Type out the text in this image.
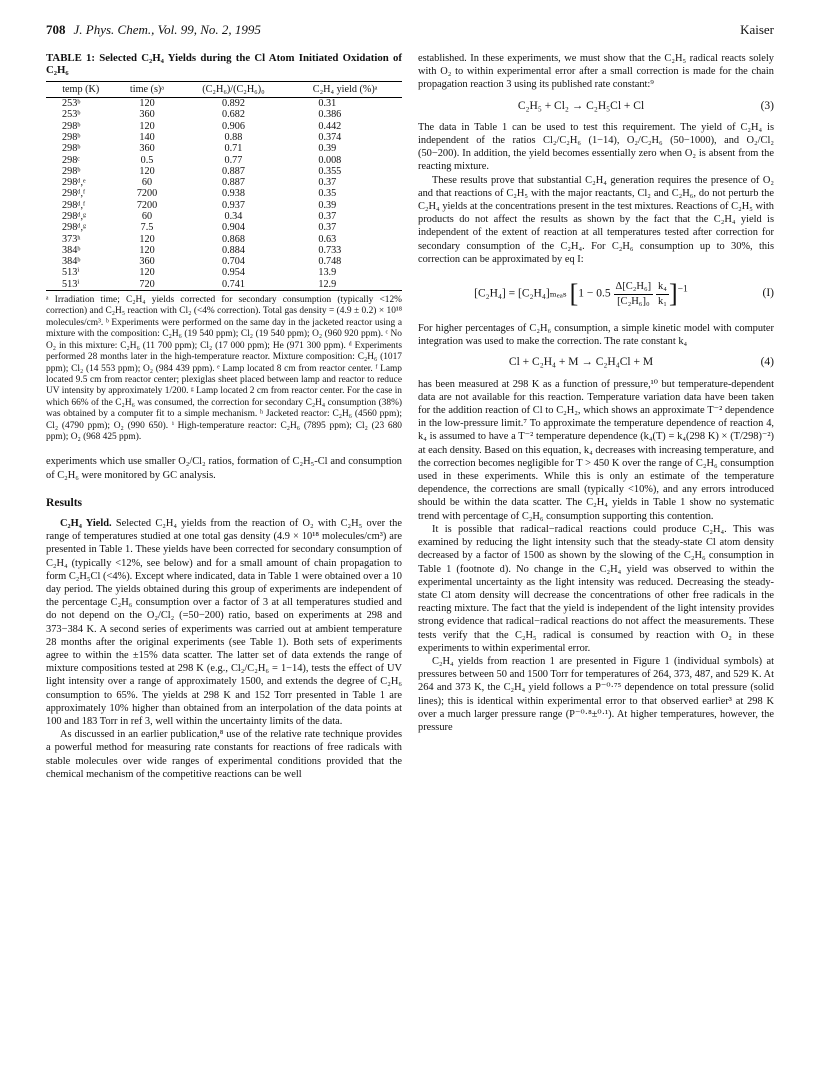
708 J. Phys. Chem., Vol. 99, No. 2, 1995	Kaiser
TABLE 1: Selected C₂H₄ Yields during the Cl Atom Initiated Oxidation of C₂H₆
temp (K)	time (s)ᵃ	(C₂H₆)/(C₂H₆)₀	C₂H₄ yield (%)ᵃ
253ᵇ	120	0.892	0.31
253ᵇ	360	0.682	0.386
298ᵇ	120	0.906	0.442
298ᵇ	140	0.88	0.374
298ᵇ	360	0.71	0.39
298ᶜ	0.5	0.77	0.008
298ᵇ	120	0.887	0.355
298ᵈ,ᵉ	60	0.887	0.37
298ᵈ,ᶠ	7200	0.938	0.35
298ᵈ,ᶠ	7200	0.937	0.39
298ᵈ,ᵍ	60	0.34	0.37
298ᵈ,ᵍ	7.5	0.904	0.37
373ʰ	120	0.868	0.63
384ᵇ	120	0.884	0.733
384ᵇ	360	0.704	0.748
513ⁱ	120	0.954	13.9
513ⁱ	720	0.741	12.9
ᵃ Irradiation time; C₂H₄ yields corrected for secondary consumption (typically <12% correction) and C₂H₅ reaction with Cl₂ (<4% correction). Total gas density = (4.9 ± 0.2) × 10¹⁸ molecules/cm³. ᵇ Experiments were performed on the same day in the jacketed reactor using a mixture with the composition: C₂H₆ (19 540 ppm); Cl₂ (19 540 ppm); O₂ (960 920 ppm). ᶜ No O₂ in this mixture: C₂H₆ (11 700 ppm); Cl₂ (17 000 ppm); He (971 300 ppm). ᵈ Experiments performed 28 months later in the high-temperature reactor. Mixture composition: C₂H₆ (1017 ppm); Cl₂ (14 553 ppm); O₂ (984 439 ppm). ᵉ Lamp located 8 cm from reactor center. ᶠ Lamp located 9.5 cm from reactor center; plexiglas sheet placed between lamp and reactor to reduce UV intensity by approximately 1/200. ᵍ Lamp located 2 cm from reactor center. For the case in which 66% of the C₂H₆ was consumed, the correction for secondary C₂H₄ consumption (38%) was obtained by a computer fit to a simple mechanism. ʰ Jacketed reactor: C₂H₆ (4560 ppm); Cl₂ (4790 ppm); O₂ (990 650). ⁱ High-temperature reactor: C₂H₆ (7895 ppm); Cl₂ (23 680 ppm); O₂ (968 425 ppm).

experiments which use smaller O₂/Cl₂ ratios, formation of C₂H₅-Cl and consumption of C₂H₆ were monitored by GC analysis.

Results

C₂H₄ Yield. Selected C₂H₄ yields from the reaction of O₂ with C₂H₅ over the range of temperatures studied at one total gas density (4.9 × 10¹⁸ molecules/cm³) are presented in Table 1. These yields have been corrected for secondary consumption of C₂H₄ (typically <12%, see below) and for a small amount of chain propagation to form C₂H₅Cl (<4%). Except where indicated, data in Table 1 were obtained over a 10 day period. The yields obtained during this group of experiments are independent of the percentage C₂H₆ consumption over a factor of 3 at all temperatures studied and do not depend on the O₂/Cl₂ (=50−200) ratio, based on experiments at 298 and 373−384 K. A second series of experiments was carried out at ambient temperature 28 months after the original experiments (see Table 1). Both sets of experiments agree to within the ±15% data scatter. The latter set of data extends the range of mixture compositions tested at 298 K (e.g., Cl₂/C₂H₆ = 1−14), tests the effect of UV light intensity over a range of approximately 1500, and extends the degree of C₂H₆ consumption to 65%. The yields at 298 K and 152 Torr presented in Table 1 are approximately 10% higher than obtained from an interpolation of the data points at 100 and 183 Torr in ref 3, well within the uncertainty limits of the data.

As discussed in an earlier publication,⁸ use of the relative rate technique provides a powerful method for measuring rate constants for reactions of free radicals with stable molecules over wide ranges of experimental conditions provided that the chemical mechanism of the competitive reactions can be well

established. In these experiments, we must show that the C₂H₅ radical reacts solely with O₂ to within experimental error after a small correction is made for the chain propagation reaction 3 using its published rate constant:⁹

C₂H₅ + Cl₂ → C₂H₅Cl + Cl	(3)

The data in Table 1 can be used to test this requirement. The yield of C₂H₄ is independent of the ratios Cl₂/C₂H₆ (1−14), O₂/C₂H₆ (50−1000), and O₂/Cl₂ (50−200). In addition, the yield becomes essentially zero when O₂ is absent from the reacting mixture.

These results prove that substantial C₂H₄ generation requires the presence of O₂ and that reactions of C₂H₅ with the major reactants, Cl₂ and C₂H₆, do not perturb the C₂H₄ yields at the concentrations present in the test mixtures. Reactions of C₂H₅ with products do not affect the results as shown by the fact that the C₂H₄ yield is independent of the extent of reaction at all temperatures tested after correction for secondary consumption of the C₂H₄. For C₂H₆ consumption up to 30%, this correction can be approximated by eq I:

[C₂H₄] = [C₂H₄]ₘₑₐₛ [$1 - 0.5 \frac{\text{Δ[C₂H₆]}}{\text{[C₂H₆]₀}}$
$\frac{\text{k₄}}{\text{k₁}} ]^{-1}$	(I)

For higher percentages of C₂H₆ consumption, a simple kinetic model with computer integration was used to make the correction. The rate constant k₄

Cl + C₂H₄ + M → C₂H₄Cl + M	(4)

has been measured at 298 K as a function of pressure,¹⁰ but temperature-dependent data are not available for this reaction. Temperature variation data have been taken for the addition reaction of Cl to C₂H₂, which shows an approximate T⁻² dependence in the low-pressure limit.⁷ To approximate the temperature dependence of reaction 4, k₄ is assumed to have a T⁻² temperature dependence (k₄(T) = k₄(298 K) × (T/298)⁻²) at each density. Based on this equation, k₄ decreases with increasing temperature, and the correction becomes negligible for T > 450 K over the range of C₂H₆ consumption used in these experiments. While this is only an estimate of the temperature dependence, the corrections are small (typically <10%), and any errors introduced should be within the data scatter. The C₂H₄ yields in Table 1 show no systematic trend with percentage of C₂H₆ consumption supporting this contention.

It is possible that radical−radical reactions could produce C₂H₄. This was examined by reducing the light intensity such that the steady-state Cl atom density decreased by a factor of 1500 as shown by the slowing of the C₂H₆ consumption in Table 1 (footnote d). No change in the C₂H₄ yield was observed to within the experimental uncertainty as the light intensity was reduced. Decreasing the steady-state Cl atom density will decrease the concentrations of other free radicals in the reacting mixture. The fact that the yield is independent of the light intensity provides strong evidence that radical−radical reactions do not affect the measurements. These tests verify that the C₂H₅ radical is consumed by reaction with O₂ in these experiments to within experimental error.

C₂H₄ yields from reaction 1 are presented in Figure 1 (individual symbols) at pressures between 50 and 1500 Torr for temperatures of 264, 373, 487, and 529 K. At 264 and 373 K, the C₂H₄ yield follows a P⁻⁰·⁷⁵ dependence on total pressure (solid lines); this is identical within experimental error to that observed earlier³ at 298 K over a much larger pressure range (P⁻⁰·⁸±⁰·¹). At higher temperatures, however, the pressure
